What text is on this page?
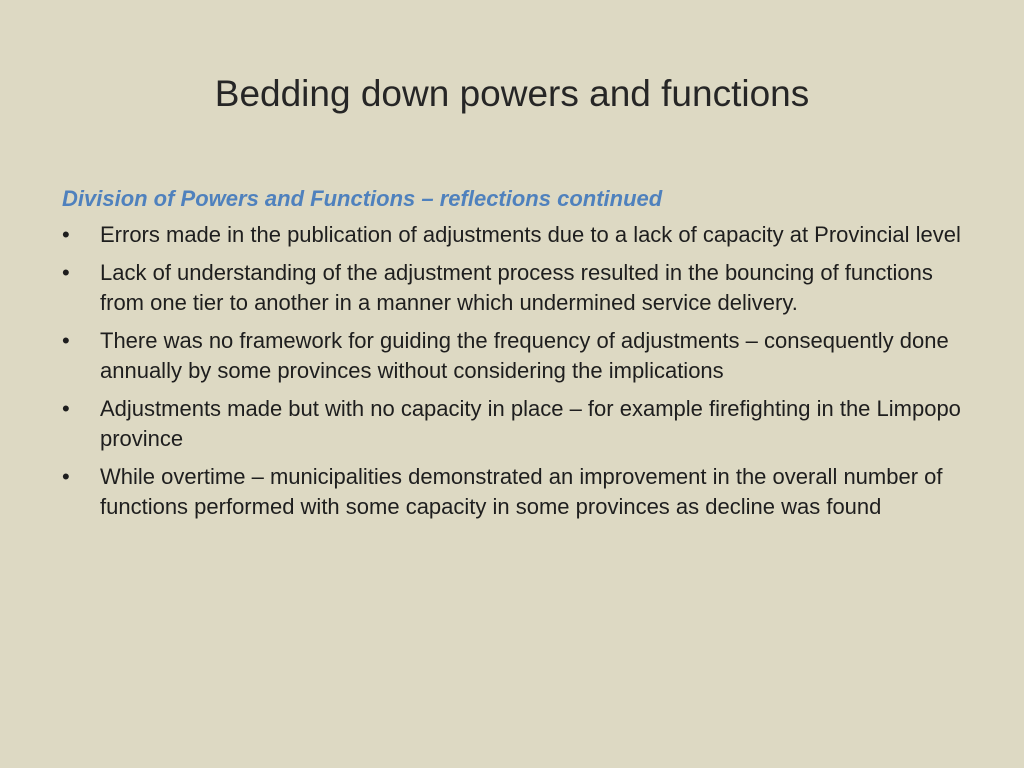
Bedding down powers and functions

Division of Powers and Functions – reflections continued

•	Errors made in the publication of adjustments due to a lack of capacity at Provincial level
•	Lack of understanding of the adjustment process resulted in the bouncing of functions from one tier to another in a manner which undermined service delivery.
•	There was no framework for guiding the frequency of adjustments – consequently done annually by some provinces without considering the implications
•	Adjustments made but with no capacity in place – for example firefighting in the Limpopo province
•	While overtime – municipalities demonstrated an improvement in the overall number of functions performed with some capacity in some provinces as decline was found
